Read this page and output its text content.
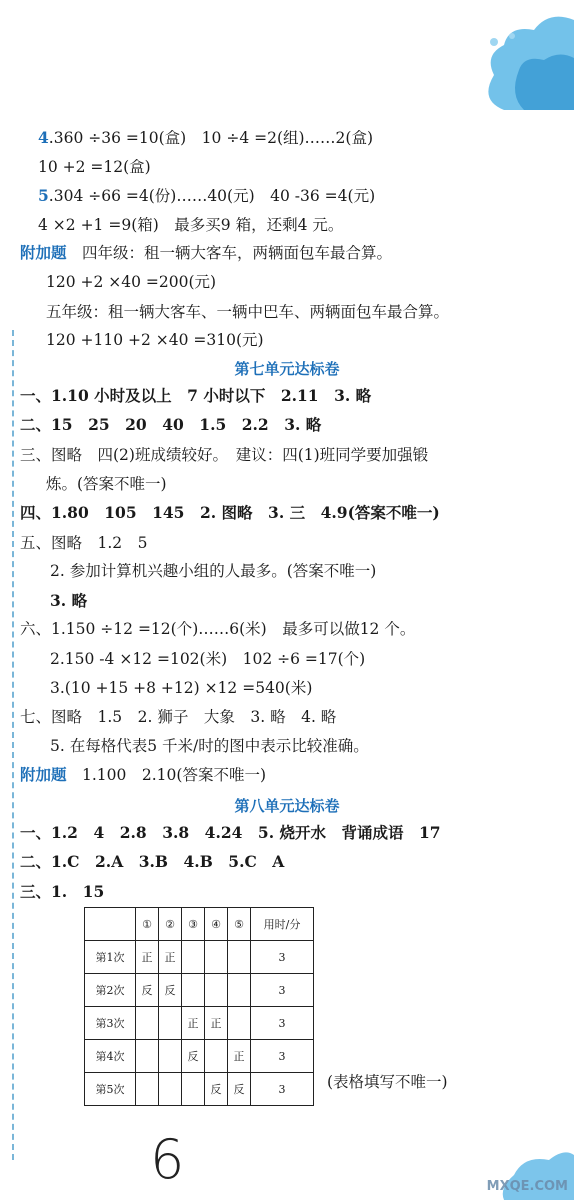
4.360 ÷36 =10(盒)　10 ÷4 =2(组)……2(盒)
10 +2 =12(盒)
5.304 ÷66 =4(份)……40(元)　40 -36 =4(元)
4 ×2 +1 =9(箱)　最多买9 箱，还剩4 元。
附加题　四年级：租一辆大客车，两辆面包车最合算。
120 +2 ×40 =200(元)
五年级：租一辆大客车、一辆中巴车、两辆面包车最合算。
120 +110 +2 ×40 =310(元)
第七单元达标卷
一、1.10 小时及以上　7 小时以下　2.11　3. 略
二、15　25　20　40　1.5　2.2　3. 略
三、图略　四(2)班成绩较好。　建议：四(1)班同学要加强锻
炼。(答案不唯一)
四、1.80　105　145　2. 图略　3. 三　4.9(答案不唯一)
五、图略　1.2　5
2. 参加计算机兴趣小组的人最多。(答案不唯一)
3. 略
六、1.150 ÷12 =12(个)……6(米)　最多可以做12 个。
2.150 -4 ×12 =102(米)　102 ÷6 =17(个)
3.(10 +15 +8 +12) ×12 =540(米)
七、图略　1.5　2. 狮子　大象　3. 略　4. 略
5. 在每格代表5 千米/时的图中表示比较准确。
附加题　1.100　2.10(答案不唯一)
第八单元达标卷
一、1.2　4　2.8　3.8　4.24　5. 烧开水　背诵成语　17
二、1.C　2.A　3.B　4.B　5.C　A
三、1.　15
	①	②	③	④	⑤	用时/分
第1次	正	正				3
第2次	反	反				3
第3次			正	正		3
第4次			反		正	3
第5次				反	反	3	(表格填写不唯一)
6	MXQE.COM
